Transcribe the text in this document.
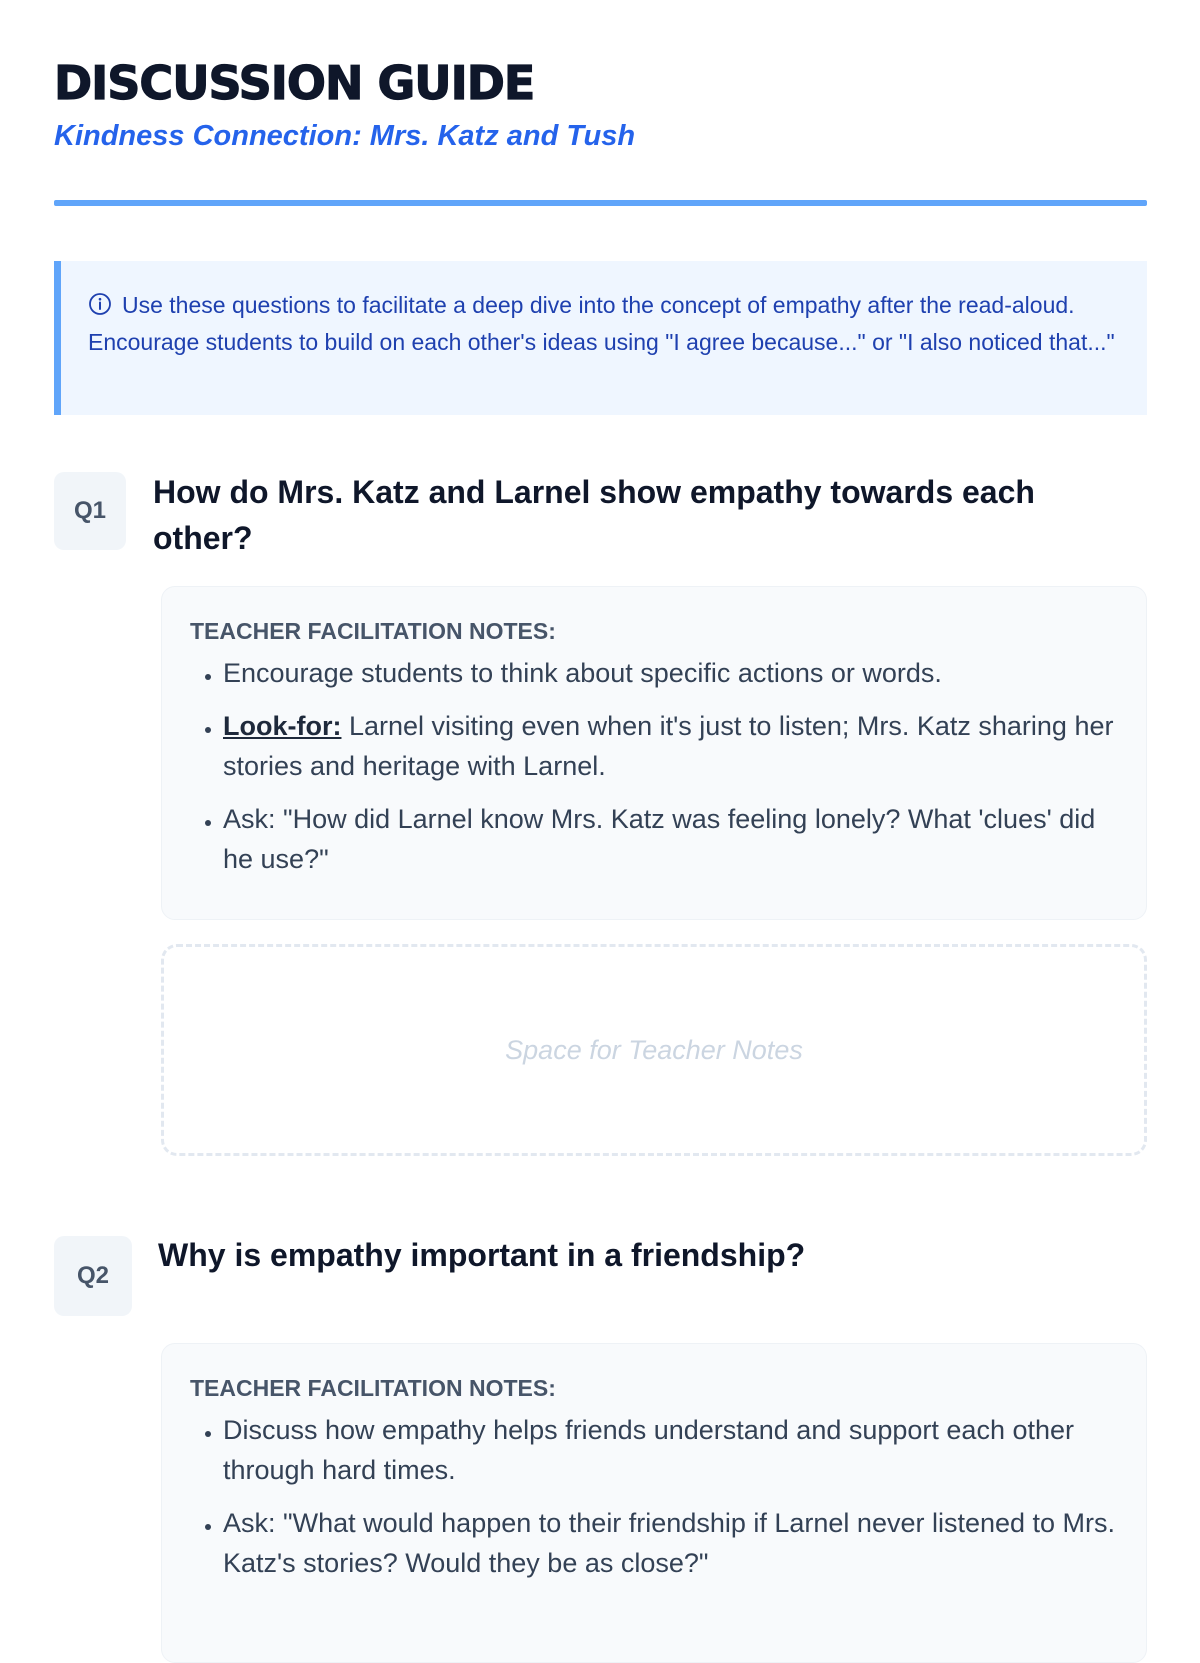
DISCUSSION GUIDE
Kindness Connection: Mrs. Katz and Tush
Use these questions to facilitate a deep dive into the concept of empathy after the read-aloud. Encourage students to build on each other's ideas using "I agree because..." or "I also noticed that..."
Q1

How do Mrs. Katz and Larnel show empathy towards each other?

TEACHER FACILITATION NOTES:
• Encourage students to think about specific actions or words.
• Look-for: Larnel visiting even when it's just to listen; Mrs. Katz sharing her stories and heritage with Larnel.
• Ask: "How did Larnel know Mrs. Katz was feeling lonely? What 'clues' did he use?"
Space for Teacher Notes
Q2

Why is empathy important in a friendship?

TEACHER FACILITATION NOTES:
• Discuss how empathy helps friends understand and support each other through hard times.
• Ask: "What would happen to their friendship if Larnel never listened to Mrs. Katz's stories? Would they be as close?"
